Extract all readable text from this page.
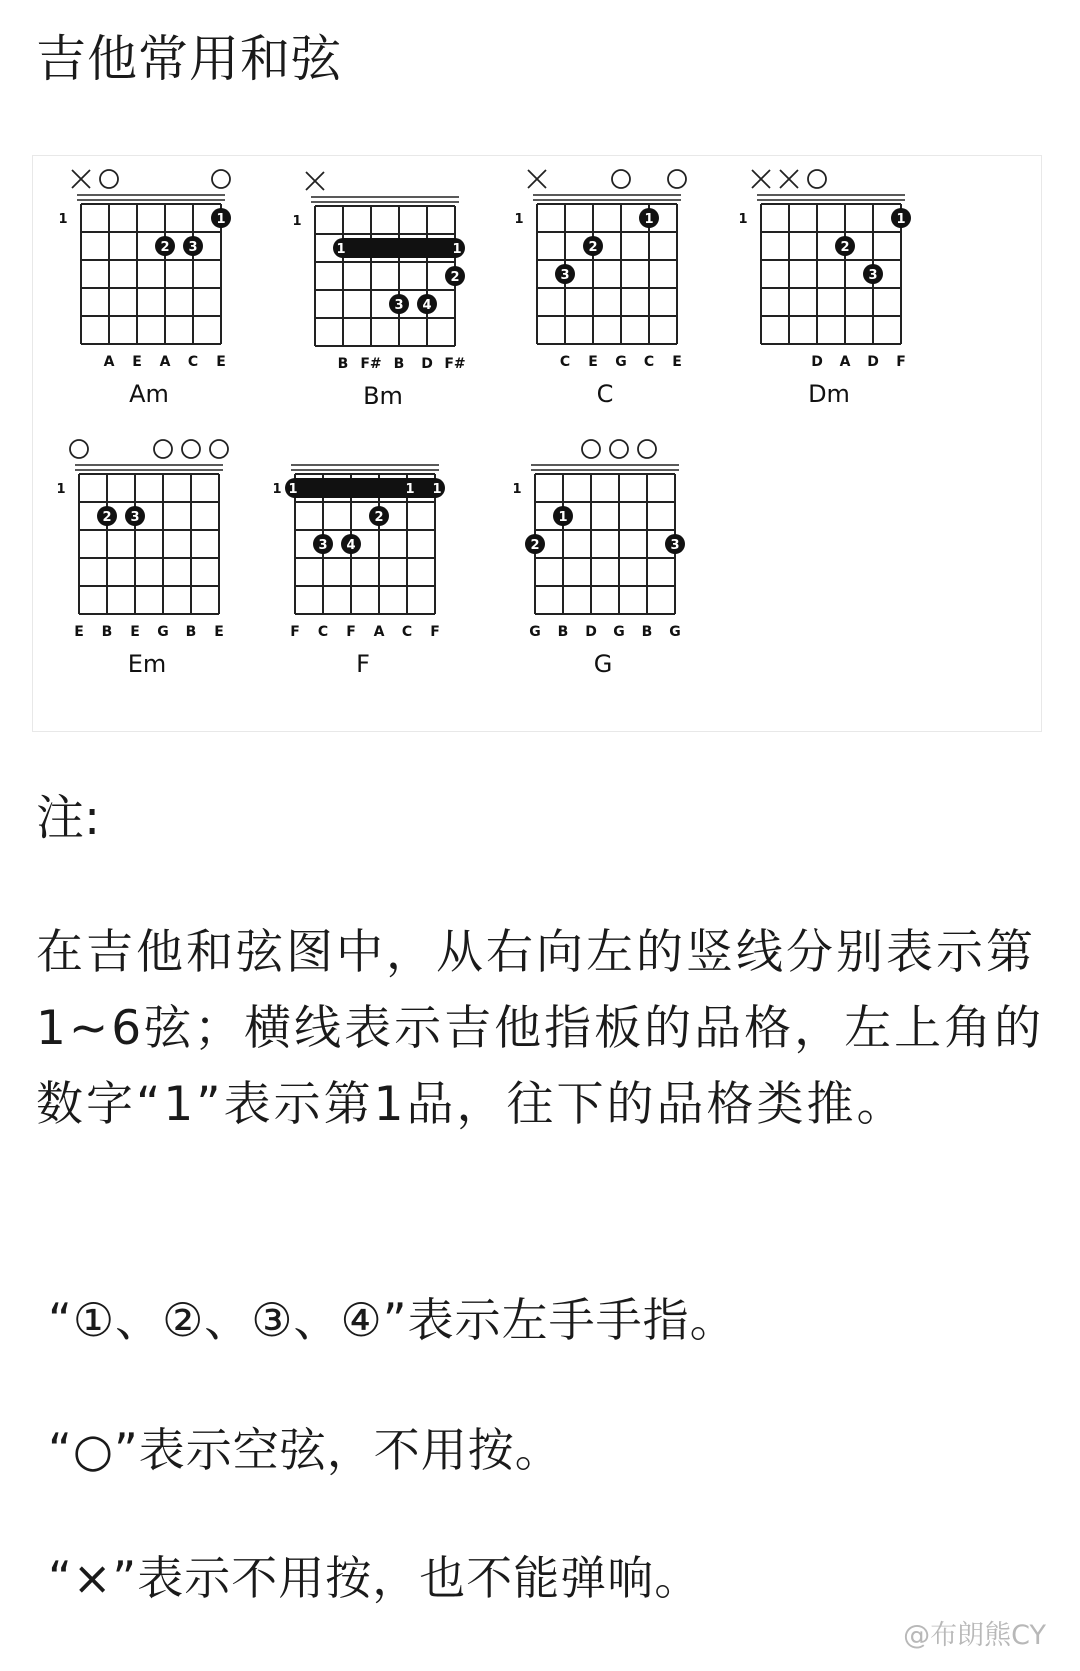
吉他常用和弦
1	1
2 3
A E A C E
Am
1
1	1
2
3 4
B F# B D F#
Bm
1	1
2
3
C E G C E
C
1	1
2
3
D A D F
Dm
1
2 3
E B E G B E
Em
1 1	1
1
2
3 4
F C F A C F
F
1
1
2	3
G B D G B G
G
注:
在吉他和弦图中，从右向左的竖线分别表示第1~6弦；横线表示吉他指板的品格，左上角的数字“1”表示第1品，往下的品格类推。
“①、②、③、④”表示左手手指。
“○”表示空弦，不用按。
“×”表示不用按，也不能弹响。
@布朗熊CY
